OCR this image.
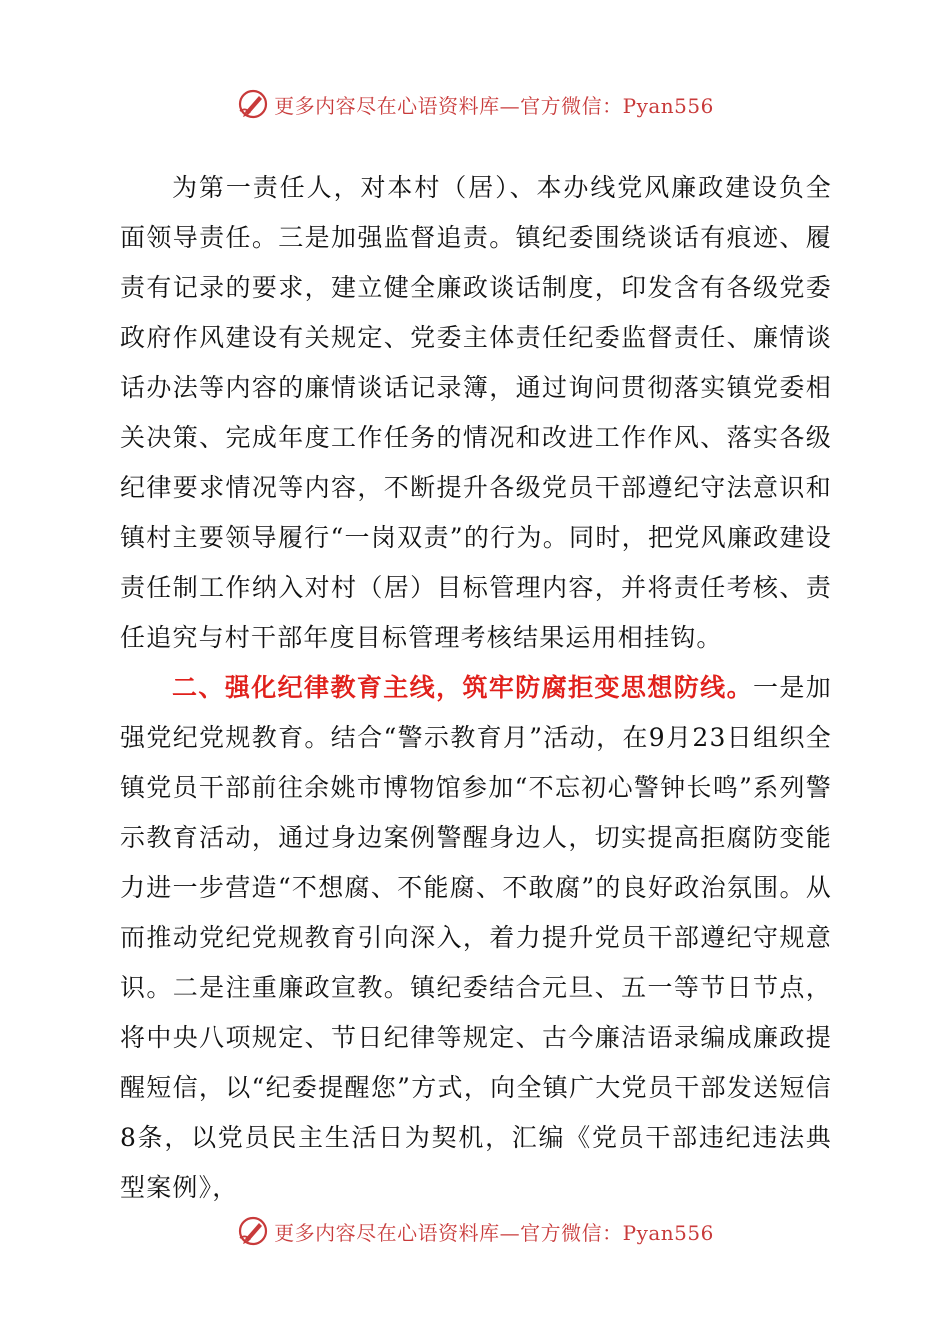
更多内容尽在心语资料库—官方微信：Pyan556

为第一责任人，对本村（居）、本办线党风廉政建设负全面领导责任。三是加强监督追责。镇纪委围绕谈话有痕迹、履责有记录的要求，建立健全廉政谈话制度，印发含有各级党委政府作风建设有关规定、党委主体责任纪委监督责任、廉情谈话办法等内容的廉情谈话记录簿，通过询问贯彻落实镇党委相关决策、完成年度工作任务的情况和改进工作作风、落实各级纪律要求情况等内容，不断提升各级党员干部遵纪守法意识和镇村主要领导履行“一岗双责”的行为。同时，把党风廉政建设责任制工作纳入对村（居）目标管理内容，并将责任考核、责任追究与村干部年度目标管理考核结果运用相挂钩。

二、强化纪律教育主线，筑牢防腐拒变思想防线。一是加强党纪党规教育。结合“警示教育月”活动，在9月23日组织全镇党员干部前往余姚市博物馆参加“不忘初心警钟长鸣”系列警示教育活动，通过身边案例警醒身边人，切实提高拒腐防变能力进一步营造“不想腐、不能腐、不敢腐”的良好政治氛围。从而推动党纪党规教育引向深入，着力提升党员干部遵纪守规意识。二是注重廉政宣教。镇纪委结合元旦、五一等节日节点，将中央八项规定、节日纪律等规定、古今廉洁语录编成廉政提醒短信，以“纪委提醒您”方式，向全镇广大党员干部发送短信8条，以党员民主生活日为契机，汇编《党员干部违纪违法典型案例》，

更多内容尽在心语资料库—官方微信：Pyan556
